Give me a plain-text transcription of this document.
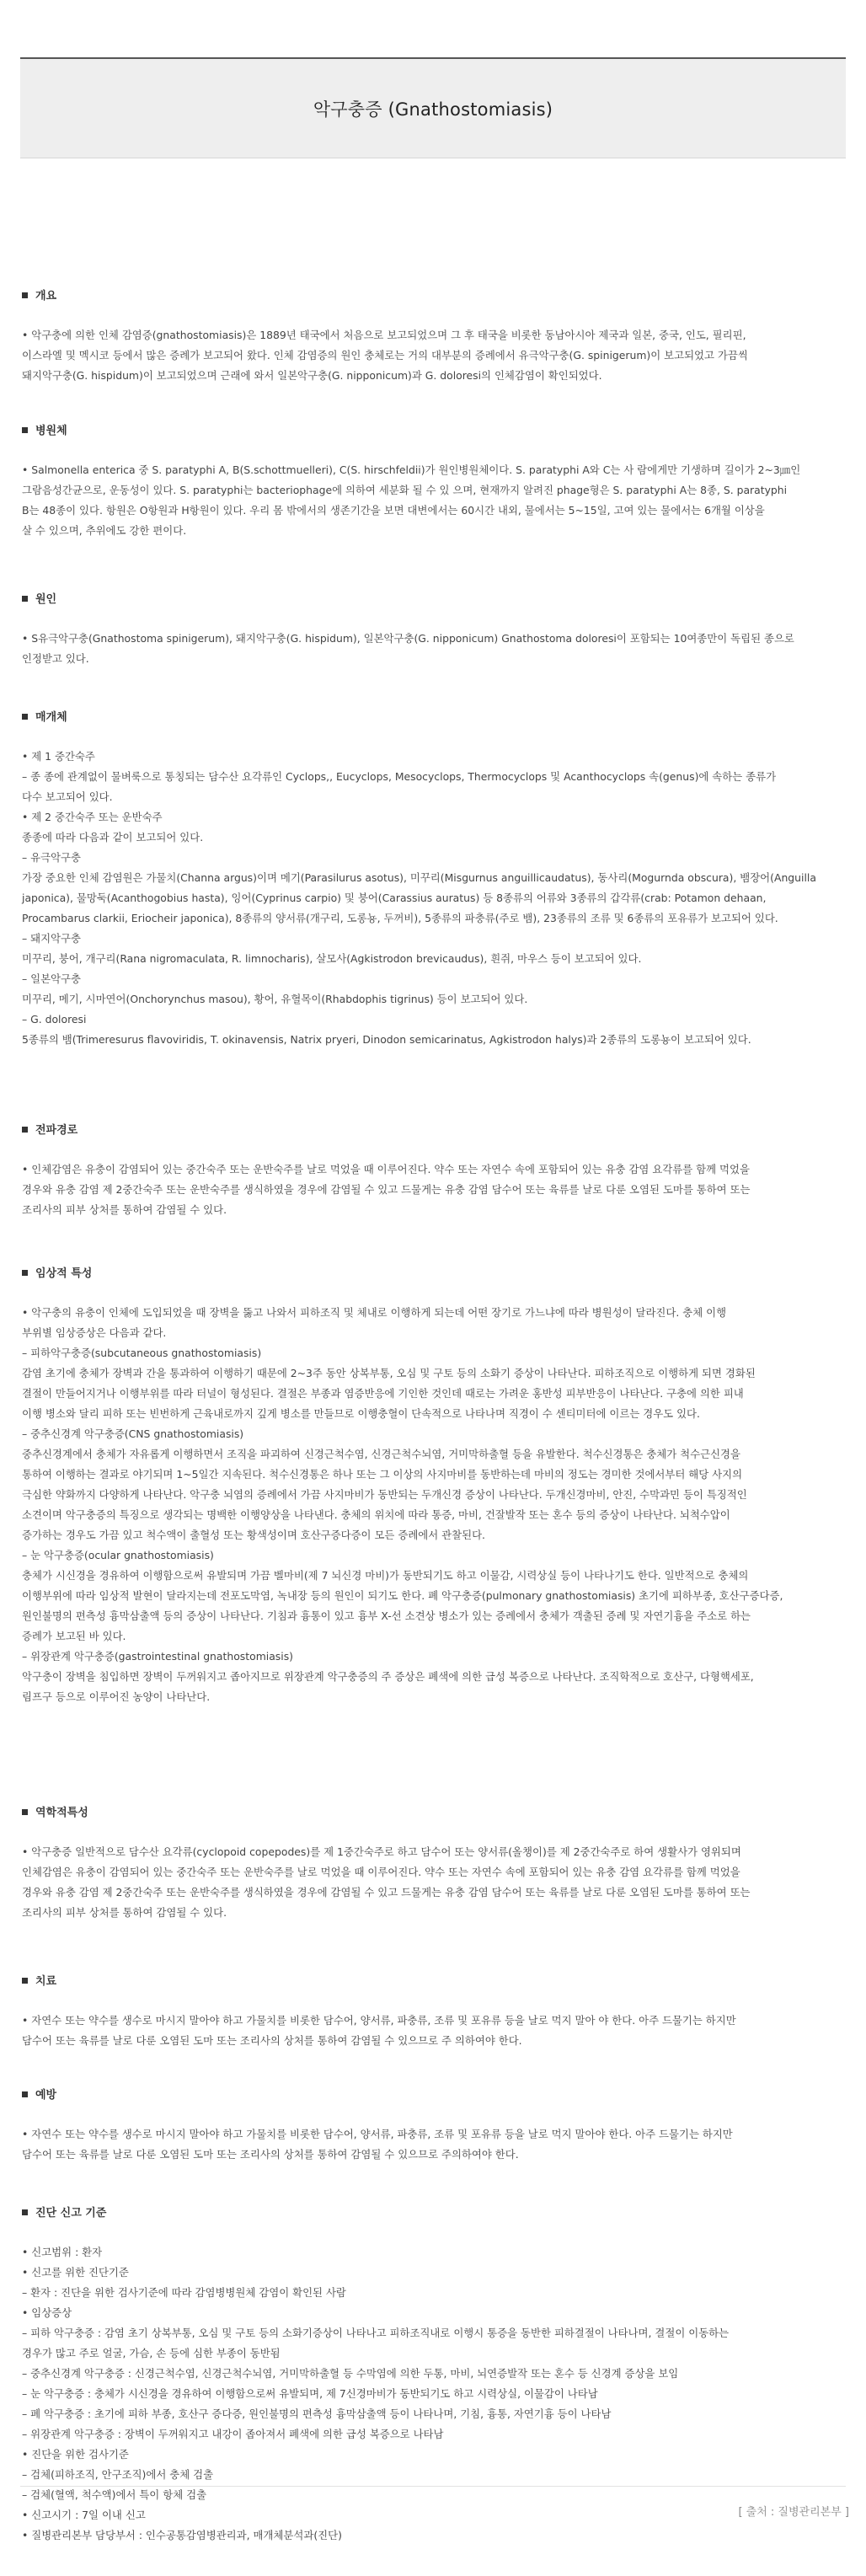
악구충증 (Gnathostomiasis)
개요
• 악구충에 의한 인체 감염증(gnathostomiasis)은 1889년 태국에서 처음으로 보고되었으며 그 후 태국을 비롯한 동남아시아 제국과 일본, 중국, 인도, 필리핀,
이스라엘 및 멕시코 등에서 많은 증례가 보고되어 왔다. 인체 감염증의 원인 충체로는 거의 대부분의 증례에서 유극악구충(G. spinigerum)이 보고되었고 가끔씩
돼지악구충(G. hispidum)이 보고되었으며 근래에 와서 일본악구충(G. nipponicum)과 G. doloresi의 인체감염이 확인되었다.
병원체
• Salmonella enterica 중 S. paratyphi A, B(S.schottmuelleri), C(S. hirschfeldii)가 원인병원체이다. S. paratyphi A와 C는 사 람에게만 기생하며 길이가 2~3㎛인
그람음성간균으로, 운동성이 있다. S. paratyphi는 bacteriophage에 의하여 세분화 될 수 있 으며, 현재까지 알려진 phage형은 S. paratyphi A는 8종, S. paratyphi
B는 48종이 있다. 항원은 O항원과 H항원이 있다. 우리 몸 밖에서의 생존기간을 보면 대변에서는 60시간 내외, 물에서는 5~15일, 고여 있는 물에서는 6개월 이상을
살 수 있으며, 추위에도 강한 편이다.
원인
• S유극악구충(Gnathostoma spinigerum), 돼지악구충(G. hispidum), 일본악구충(G. nipponicum) Gnathostoma doloresi이 포함되는 10여종만이 독립된 종으로
인정받고 있다.
매개체
• 제 1 중간숙주
– 종 종에 관계없이 물벼룩으로 통칭되는 담수산 요각류인 Cyclops,, Eucyclops, Mesocyclops, Thermocyclops 및 Acanthocyclops 속(genus)에 속하는 종류가
다수 보고되어 있다.
• 제 2 중간숙주 또는 운반숙주
종종에 따라 다음과 같이 보고되어 있다.
– 유극악구충
가장 중요한 인체 감염원은 가물치(Channa argus)이며 메기(Parasilurus asotus), 미꾸리(Misgurnus anguillicaudatus), 동사리(Mogurnda obscura), 뱀장어(Anguilla
japonica), 물망둑(Acanthogobius hasta), 잉어(Cyprinus carpio) 및 붕어(Carassius auratus) 등 8종류의 어류와 3종류의 갑각류(crab: Potamon dehaan,
Procambarus clarkii, Eriocheir japonica), 8종류의 양서류(개구리, 도롱뇽, 두꺼비), 5종류의 파충류(주로 뱀), 23종류의 조류 및 6종류의 포유류가 보고되어 있다.
– 돼지악구충
미꾸리, 붕어, 개구리(Rana nigromaculata, R. limnocharis), 살모사(Agkistrodon brevicaudus), 흰쥐, 마우스 등이 보고되어 있다.
– 일본악구충
미꾸리, 메기, 시마연어(Onchorynchus masou), 황어, 유혈목이(Rhabdophis tigrinus) 등이 보고되어 있다.
– G. doloresi
5종류의 뱀(Trimeresurus flavoviridis, T. okinavensis, Natrix pryeri, Dinodon semicarinatus, Agkistrodon halys)과 2종류의 도롱뇽이 보고되어 있다.
전파경로
• 인체감염은 유충이 감염되어 있는 중간숙주 또는 운반숙주를 날로 먹었을 때 이루어진다. 약수 또는 자연수 속에 포함되어 있는 유충 감염 요각류를 함께 먹었을
경우와 유충 감염 제 2중간숙주 또는 운반숙주를 생식하였을 경우에 감염될 수 있고 드물게는 유충 감염 담수어 또는 육류를 날로 다룬 오염된 도마를 통하여 또는
조리사의 피부 상처를 통하여 감염될 수 있다.
임상적 특성
• 악구충의 유충이 인체에 도입되었을 때 장벽을 뚫고 나와서 피하조직 및 체내로 이행하게 되는데 어떤 장기로 가느냐에 따라 병원성이 달라진다. 충체 이행
부위별 임상증상은 다음과 같다.
– 피하악구충증(subcutaneous gnathostomiasis)
감염 초기에 충체가 장벽과 간을 통과하여 이행하기 때문에 2~3주 동안 상복부통, 오심 및 구토 등의 소화기 증상이 나타난다. 피하조직으로 이행하게 되면 경화된
결절이 만들어지거나 이행부위를 따라 터널이 형성된다. 결절은 부종과 염증반응에 기인한 것인데 때로는 가려운 홍반성 피부반응이 나타난다. 구충에 의한 피내
이행 병소와 달리 피하 또는 빈번하게 근육내로까지 깊게 병소를 만들므로 이행충혈이 단속적으로 나타나며 직경이 수 센티미터에 이르는 경우도 있다.
– 중추신경계 악구충증(CNS gnathostomiasis)
중추신경계에서 충체가 자유롭게 이행하면서 조직을 파괴하여 신경근척수염, 신경근척수뇌염, 거미막하출혈 등을 유발한다. 척수신경통은 충체가 척수근신경을
통하여 이행하는 결과로 야기되며 1~5일간 지속된다. 척수신경통은 하나 또는 그 이상의 사지마비를 동반하는데 마비의 정도는 경미한 것에서부터 해당 사지의
극심한 약화까지 다양하게 나타난다. 악구충 뇌염의 증례에서 가끔 사지마비가 동반되는 두개신경 증상이 나타난다. 두개신경마비, 안진, 수막과민 등이 특징적인
소견이며 악구충증의 특징으로 생각되는 명백한 이행양상을 나타낸다. 충체의 위치에 따라 통증, 마비, 건잘발작 또는 혼수 등의 증상이 나타난다. 뇌척수압이
증가하는 경우도 가끔 있고 척수액이 출혈성 또는 황색성이며 호산구증다증이 모든 증례에서 관찰된다.
– 눈 악구충증(ocular gnathostomiasis)
충체가 시신경을 경유하여 이행함으로써 유발되며 가끔 벨마비(제 7 뇌신경 마비)가 동반되기도 하고 이물감, 시력상실 등이 나타나기도 한다. 일반적으로 충체의
이행부위에 따라 임상적 발현이 달라지는데 전포도막염, 녹내장 등의 원인이 되기도 한다. 폐 악구충증(pulmonary gnathostomiasis) 초기에 피하부종, 호산구증다증,
원인불명의 편측성 흉막삼출액 등의 증상이 나타난다. 기침과 흉통이 있고 흉부 X-선 소견상 병소가 있는 증례에서 충체가 객출된 증례 및 자연기흉을 주소로 하는
증례가 보고된 바 있다.
– 위장관계 악구충증(gastrointestinal gnathostomiasis)
악구충이 장벽을 침입하면 장벽이 두꺼워지고 좁아지므로 위장관계 악구충증의 주 증상은 폐색에 의한 급성 복증으로 나타난다. 조직학적으로 호산구, 다형핵세포,
림프구 등으로 이루어진 농양이 나타난다.
역학적특성
• 악구충증 일반적으로 담수산 요각류(cyclopoid copepodes)를 제 1중간숙주로 하고 담수어 또는 양서류(올챙이)를 제 2중간숙주로 하여 생활사가 영위되며
인체감염은 유충이 감염되어 있는 중간숙주 또는 운반숙주를 날로 먹었을 때 이루어진다. 약수 또는 자연수 속에 포함되어 있는 유충 감염 요각류를 함께 먹었을
경우와 유충 감염 제 2중간숙주 또는 운반숙주를 생식하였을 경우에 감염될 수 있고 드물게는 유충 감염 담수어 또는 육류를 날로 다룬 오염된 도마를 통하여 또는
조리사의 피부 상처를 통하여 감염될 수 있다.
치료
• 자연수 또는 약수를 생수로 마시지 말아야 하고 가물치를 비롯한 담수어, 양서류, 파충류, 조류 및 포유류 등을 날로 먹지 말아 야 한다. 아주 드물기는 하지만
담수어 또는 육류를 날로 다룬 오염된 도마 또는 조리사의 상처를 통하여 감염될 수 있으므로 주 의하여야 한다.
예방
• 자연수 또는 약수를 생수로 마시지 말아야 하고 가물치를 비롯한 담수어, 양서류, 파충류, 조류 및 포유류 등을 날로 먹지 말아야 한다. 아주 드물기는 하지만
담수어 또는 육류를 날로 다룬 오염된 도마 또는 조리사의 상처를 통하여 감염될 수 있으므로 주의하여야 한다.
진단 신고 기준
• 신고범위 : 환자
• 신고를 위한 진단기준
– 환자 : 진단을 위한 검사기준에 따라 감염병병원체 감염이 확인된 사람
• 임상증상
– 피하 악구충증 : 감염 초기 상복부통, 오심 및 구토 등의 소화기증상이 나타나고 피하조직내로 이행시 통증을 동반한 피하결절이 나타나며, 결절이 이동하는
경우가 많고 주로 얼굴, 가슴, 손 등에 심한 부종이 동반됨
– 중추신경계 악구충증 : 신경근척수염, 신경근척수뇌염, 거미막하출혈 등 수막염에 의한 두통, 마비, 뇌연증발작 또는 혼수 등 신경계 증상을 보임
– 눈 악구충증 : 충체가 시신경을 경유하여 이행함으로써 유발되며, 제 7신경마비가 동반되기도 하고 시력상실, 이물감이 나타남
– 폐 악구충증 : 초기에 피하 부종, 호산구 증다증, 원인불명의 편측성 흉막삼출액 등이 나타나며, 기침, 흉통, 자연기흉 등이 나타남
– 위장관계 악구충증 : 장벽이 두꺼워지고 내강이 좁아져서 폐색에 의한 급성 복증으로 나타남
• 진단을 위한 검사기준
– 검체(피하조직, 안구조직)에서 충체 검출
– 검체(혈액, 척수액)에서 특이 항체 검출
• 신고시기 : 7일 이내 신고
• 질병관리본부 담당부서 : 인수공통감염병관리과, 매개체분석과(진단)
[ 출처 : 질병관리본부 ]
